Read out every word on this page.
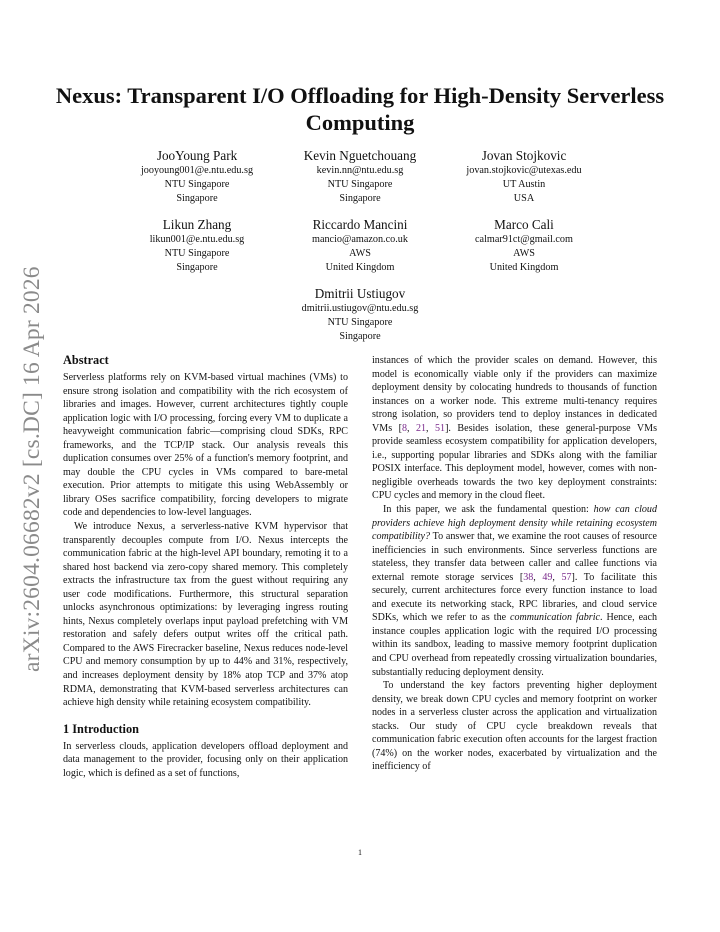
arXiv:2604.06682v2 [cs.DC] 16 Apr 2026
Nexus: Transparent I/O Offloading for High-Density Serverless Computing
JooYoung Park
jooyoung001@e.ntu.edu.sg
NTU Singapore
Singapore
Kevin Nguetchouang
kevin.nn@ntu.edu.sg
NTU Singapore
Singapore
Jovan Stojkovic
jovan.stojkovic@utexas.edu
UT Austin
USA
Likun Zhang
likun001@e.ntu.edu.sg
NTU Singapore
Singapore
Riccardo Mancini
mancio@amazon.co.uk
AWS
United Kingdom
Marco Cali
calmar91ct@gmail.com
AWS
United Kingdom
Dmitrii Ustiugov
dmitrii.ustiugov@ntu.edu.sg
NTU Singapore
Singapore
Abstract

Serverless platforms rely on KVM-based virtual machines (VMs) to ensure strong isolation and compatibility with the rich ecosystem of libraries and images. However, current architectures tightly couple application logic with I/O processing, forcing every VM to duplicate a heavyweight communication fabric—comprising cloud SDKs, RPC frameworks, and the TCP/IP stack. Our analysis reveals this duplication consumes over 25% of a function's memory footprint, and may double the CPU cycles in VMs compared to bare-metal execution. Prior attempts to mitigate this using WebAssembly or library OSes sacrifice compatibility, forcing developers to migrate code and dependencies to low-level languages.

We introduce Nexus, a serverless-native KVM hypervisor that transparently decouples compute from I/O. Nexus intercepts the communication fabric at the high-level API boundary, remoting it to a shared host backend via zero-copy shared memory. This completely extracts the infrastructure tax from the guest without requiring any user code modifications. Furthermore, this structural separation unlocks asynchronous optimizations: by leveraging ingress routing hints, Nexus completely overlaps input payload prefetching with VM restoration and safely defers output writes off the critical path. Compared to the AWS Firecracker baseline, Nexus reduces node-level CPU and memory consumption by up to 44% and 31%, respectively, and increases deployment density by 18% atop TCP and 37% atop RDMA, demonstrating that KVM-based serverless architectures can achieve high density while retaining ecosystem compatibility.

1 Introduction

In serverless clouds, application developers offload deployment and data management to the provider, focusing only on their application logic, which is defined as a set of functions,

instances of which the provider scales on demand. However, this model is economically viable only if the providers can maximize deployment density by colocating hundreds to thousands of function instances on a worker node. This extreme multi-tenancy requires strong isolation, so providers tend to deploy instances in dedicated VMs [8, 21, 51]. Besides isolation, these general-purpose VMs provide seamless ecosystem compatibility for application developers, i.e., supporting popular libraries and SDKs along with the familiar POSIX interface. This deployment model, however, comes with non-negligible overheads towards the two key deployment constraints: CPU cycles and memory in the cloud fleet.

In this paper, we ask the fundamental question: how can cloud providers achieve high deployment density while retaining ecosystem compatibility? To answer that, we examine the root causes of resource inefficiencies in such environments. Since serverless functions are stateless, they transfer data between caller and callee functions via external remote storage services [38, 49, 57]. To facilitate this securely, current architectures force every function instance to load and execute its networking stack, RPC libraries, and cloud service SDKs, which we refer to as the communication fabric. Hence, each instance couples application logic with the required I/O processing within its sandbox, leading to massive memory footprint duplication and CPU overhead from repeatedly crossing virtualization boundaries, substantially reducing deployment density.

To understand the key factors preventing higher deployment density, we break down CPU cycles and memory footprint on worker nodes in a serverless cluster across the application and virtualization stacks. Our study of CPU cycle breakdown reveals that communication fabric execution often accounts for the largest fraction (74%) on the worker nodes, exacerbated by virtualization and the inefficiency of

1
